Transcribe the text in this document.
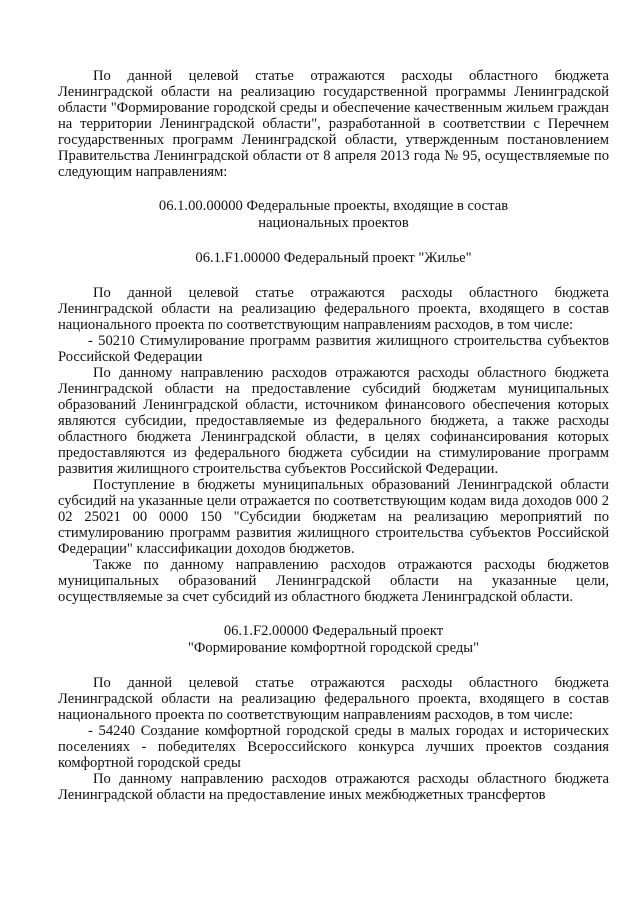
По данной целевой статье отражаются расходы областного бюджета Ленинградской области на реализацию государственной программы Ленинградской области "Формирование городской среды и обеспечение качественным жильем граждан на территории Ленинградской области", разработанной в соответствии с Перечнем государственных программ Ленинградской области, утвержденным постановлением Правительства Ленинградской области от 8 апреля 2013 года № 95, осуществляемые по следующим направлениям:

06.1.00.00000 Федеральные проекты, входящие в состав
национальных проектов

06.1.F1.00000 Федеральный проект "Жилье"

По данной целевой статье отражаются расходы областного бюджета Ленинградской области на реализацию федерального проекта, входящего в состав национального проекта по соответствующим направлениям расходов, в том числе:

- 50210 Стимулирование программ развития жилищного строительства субъектов Российской Федерации

По данному направлению расходов отражаются расходы областного бюджета Ленинградской области на предоставление субсидий бюджетам муниципальных образований Ленинградской области, источником финансового обеспечения которых являются субсидии, предоставляемые из федерального бюджета, а также расходы областного бюджета Ленинградской области, в целях софинансирования которых предоставляются из федерального бюджета субсидии на стимулирование программ развития жилищного строительства субъектов Российской Федерации.

Поступление в бюджеты муниципальных образований Ленинградской области субсидий на указанные цели отражается по соответствующим кодам вида доходов 000 2 02 25021 00 0000 150 "Субсидии бюджетам на реализацию мероприятий по стимулированию программ развития жилищного строительства субъектов Российской Федерации" классификации доходов бюджетов.

Также по данному направлению расходов отражаются расходы бюджетов муниципальных образований Ленинградской области на указанные цели, осуществляемые за счет субсидий из областного бюджета Ленинградской области.

06.1.F2.00000 Федеральный проект
"Формирование комфортной городской среды"

По данной целевой статье отражаются расходы областного бюджета Ленинградской области на реализацию федерального проекта, входящего в состав национального проекта по соответствующим направлениям расходов, в том числе:

- 54240 Создание комфортной городской среды в малых городах и исторических поселениях - победителях Всероссийского конкурса лучших проектов создания комфортной городской среды

По данному направлению расходов отражаются расходы областного бюджета Ленинградской области на предоставление иных межбюджетных трансфертов
